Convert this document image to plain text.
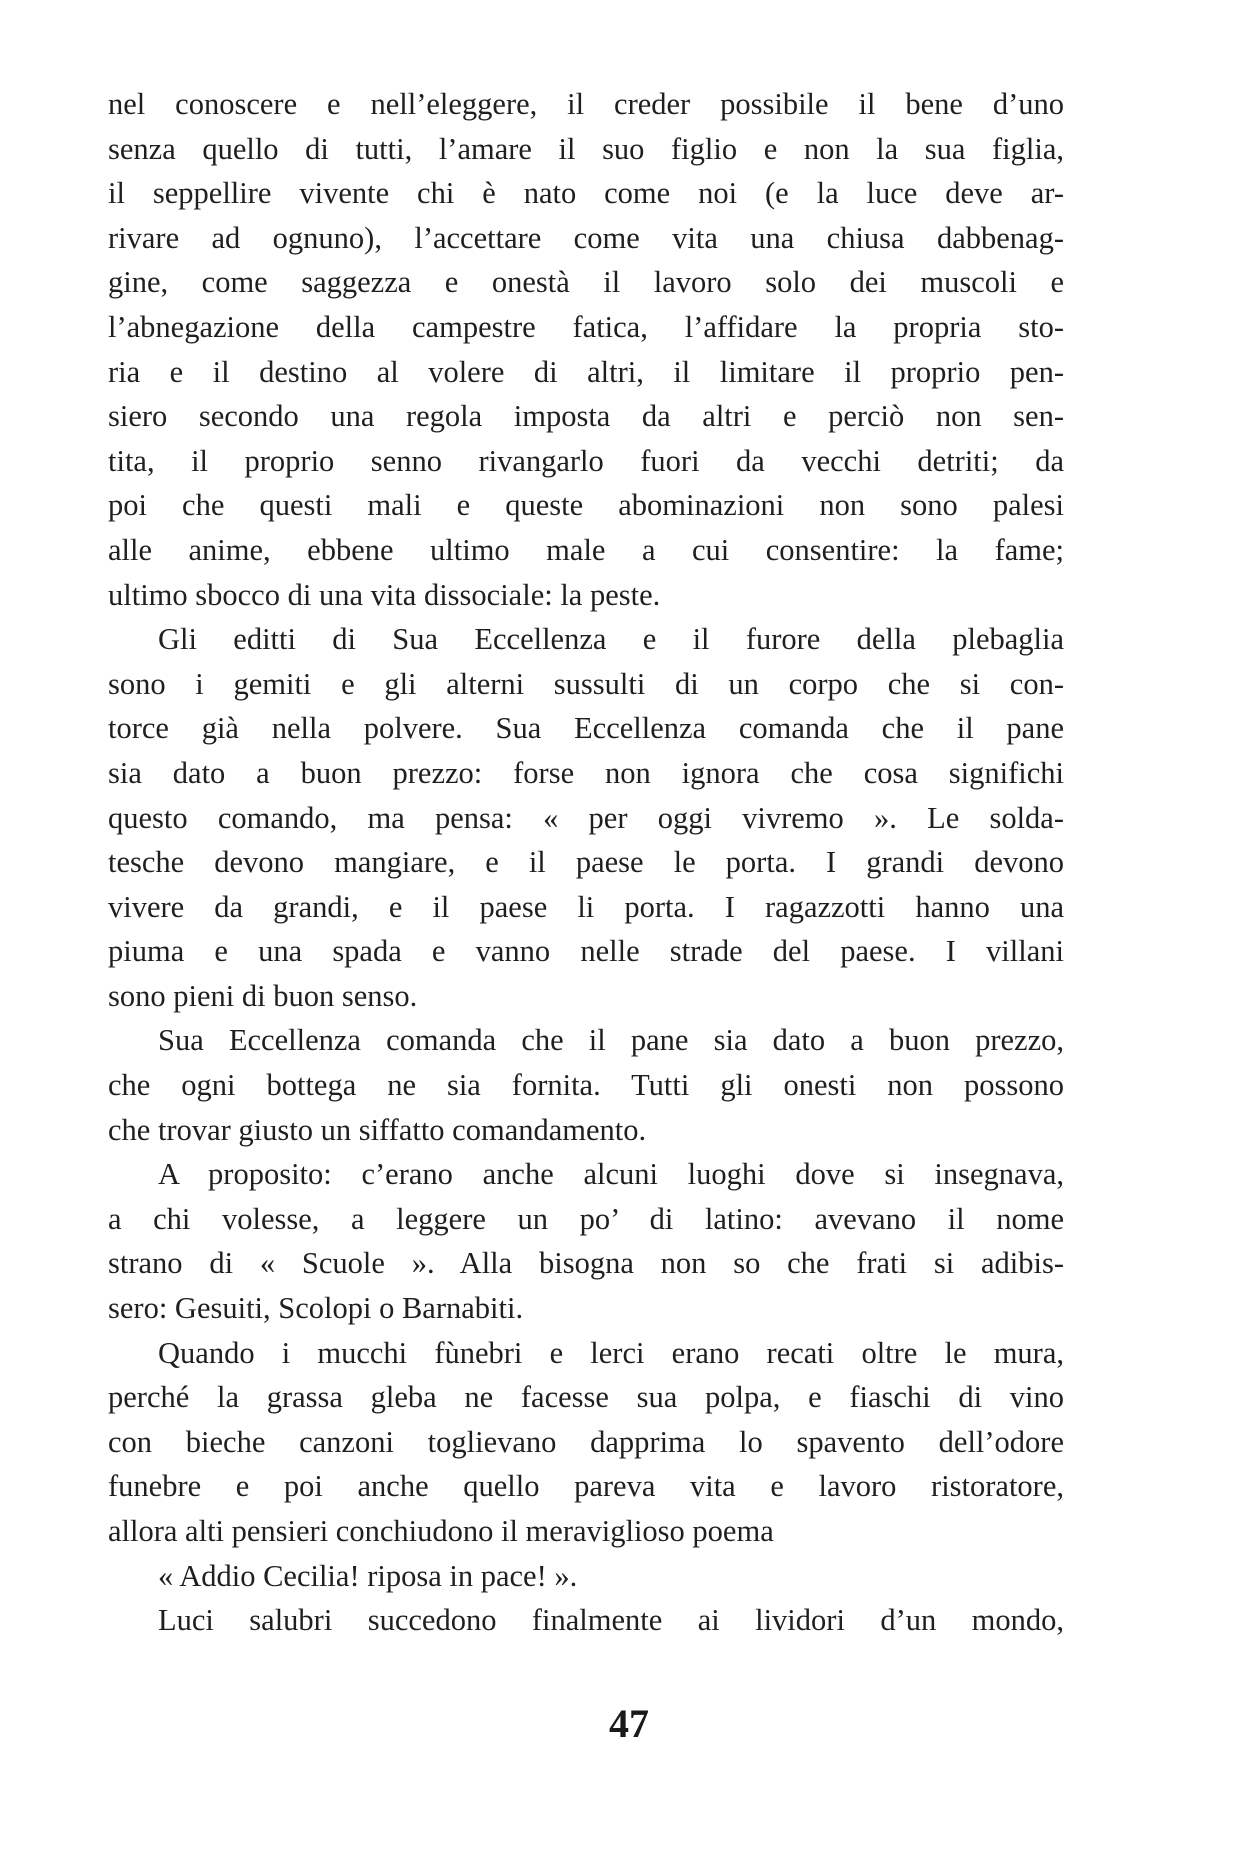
nel conoscere e nell’eleggere, il creder possibile il bene d’uno
senza quello di tutti, l’amare il suo figlio e non la sua figlia,
il seppellire vivente chi è nato come noi (e la luce deve ar-
rivare ad ognuno), l’accettare come vita una chiusa dabbenag-
gine, come saggezza e onestà il lavoro solo dei muscoli e
l’abnegazione della campestre fatica, l’affidare la propria sto-
ria e il destino al volere di altri, il limitare il proprio pen-
siero secondo una regola imposta da altri e perciò non sen-
tita, il proprio senno rivangarlo fuori da vecchi detriti; da
poi che questi mali e queste abominazioni non sono palesi
alle anime, ebbene ultimo male a cui consentire: la fame;
ultimo sbocco di una vita dissociale: la peste.
Gli editti di Sua Eccellenza e il furore della plebaglia
sono i gemiti e gli alterni sussulti di un corpo che si con-
torce già nella polvere. Sua Eccellenza comanda che il pane
sia dato a buon prezzo: forse non ignora che cosa significhi
questo comando, ma pensa: « per oggi vivremo ». Le solda-
tesche devono mangiare, e il paese le porta. I grandi devono
vivere da grandi, e il paese li porta. I ragazzotti hanno una
piuma e una spada e vanno nelle strade del paese. I villani
sono pieni di buon senso.
Sua Eccellenza comanda che il pane sia dato a buon prezzo,
che ogni bottega ne sia fornita. Tutti gli onesti non possono
che trovar giusto un siffatto comandamento.
A proposito: c’erano anche alcuni luoghi dove si insegnava,
a chi volesse, a leggere un po’ di latino: avevano il nome
strano di « Scuole ». Alla bisogna non so che frati si adibis-
sero: Gesuiti, Scolopi o Barnabiti.
Quando i mucchi fùnebri e lerci erano recati oltre le mura,
perché la grassa gleba ne facesse sua polpa, e fiaschi di vino
con bieche canzoni toglievano dapprima lo spavento dell’odore
funebre e poi anche quello pareva vita e lavoro ristoratore,
allora alti pensieri conchiudono il meraviglioso poema
« Addio Cecilia! riposa in pace! ».
Luci salubri succedono finalmente ai lividori d’un mondo,
47
